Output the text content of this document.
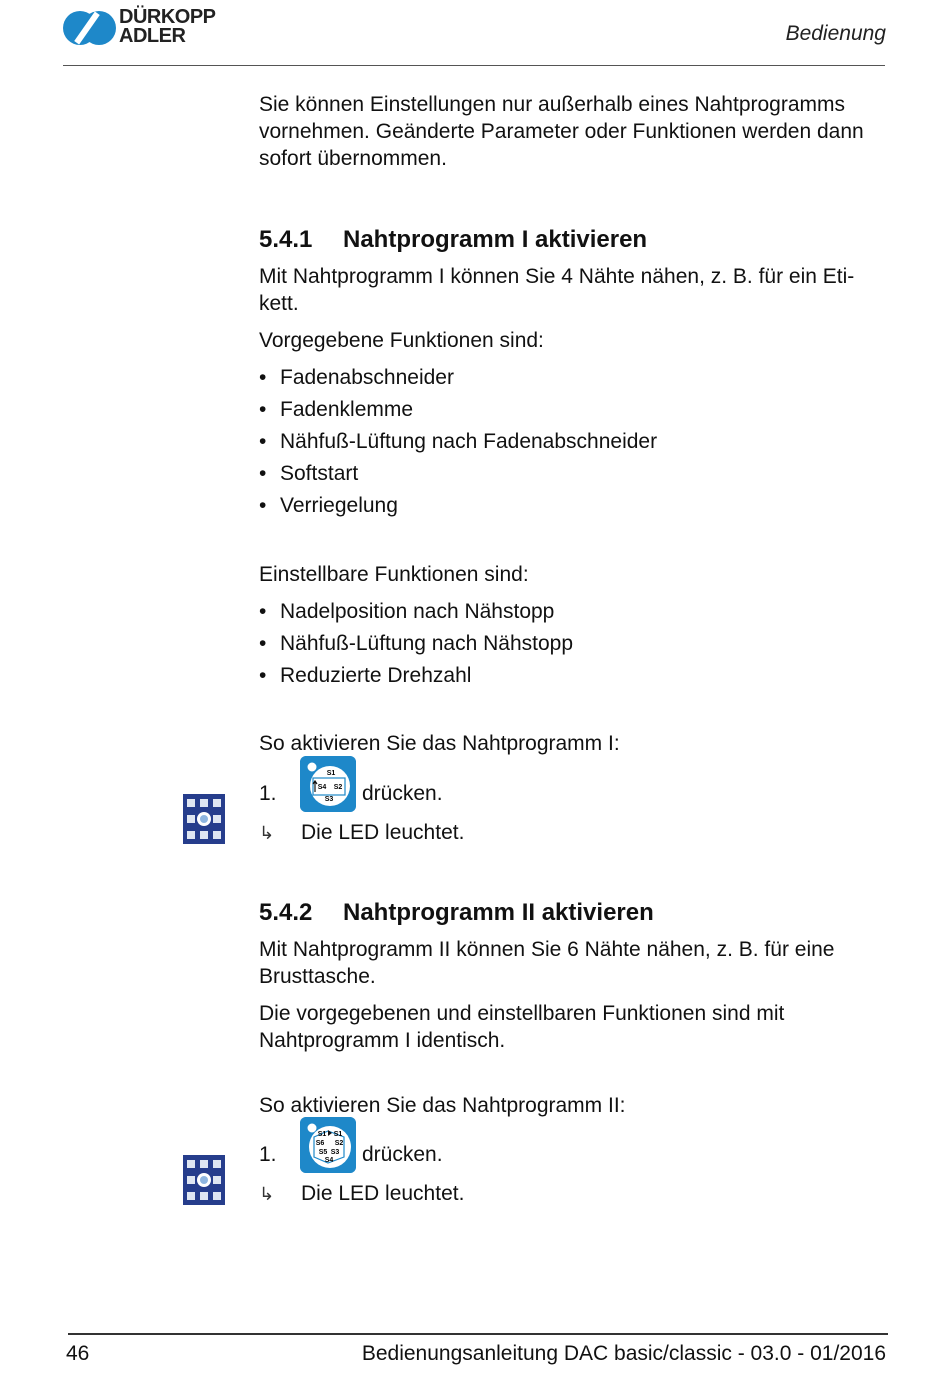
DÜRKOPP
ADLER	Bedienung

Sie können Einstellungen nur außerhalb eines Nahtprogramms vornehmen. Geänderte Parameter oder Funktionen werden dann sofort übernommen.

5.4.1 Nahtprogramm I aktivieren

Mit Nahtprogramm I können Sie 4 Nähte nähen, z. B. für ein Eti-kett.

Vorgegebene Funktionen sind:

• Fadenabschneider
• Fadenklemme
• Nähfuß-Lüftung nach Fadenabschneider
• Softstart
• Verriegelung

Einstellbare Funktionen sind:

• Nadelposition nach Nähstopp
• Nähfuß-Lüftung nach Nähstopp
• Reduzierte Drehzahl

So aktivieren Sie das Nahtprogramm I:

1.
S1
S4 S2
S3 drücken.
↳ Die LED leuchtet.
5.4.2 Nahtprogramm II aktivieren

Mit Nahtprogramm II können Sie 6 Nähte nähen, z. B. für eine Brusttasche.

Die vorgegebenen und einstellbaren Funktionen sind mit Nahtprogramm I identisch.

So aktivieren Sie das Nahtprogramm II:

1.
S1 S1
S6 S2
S5 S3
S4 drücken.
↳ Die LED leuchtet.
46	Bedienungsanleitung DAC basic/classic - 03.0 - 01/2016
